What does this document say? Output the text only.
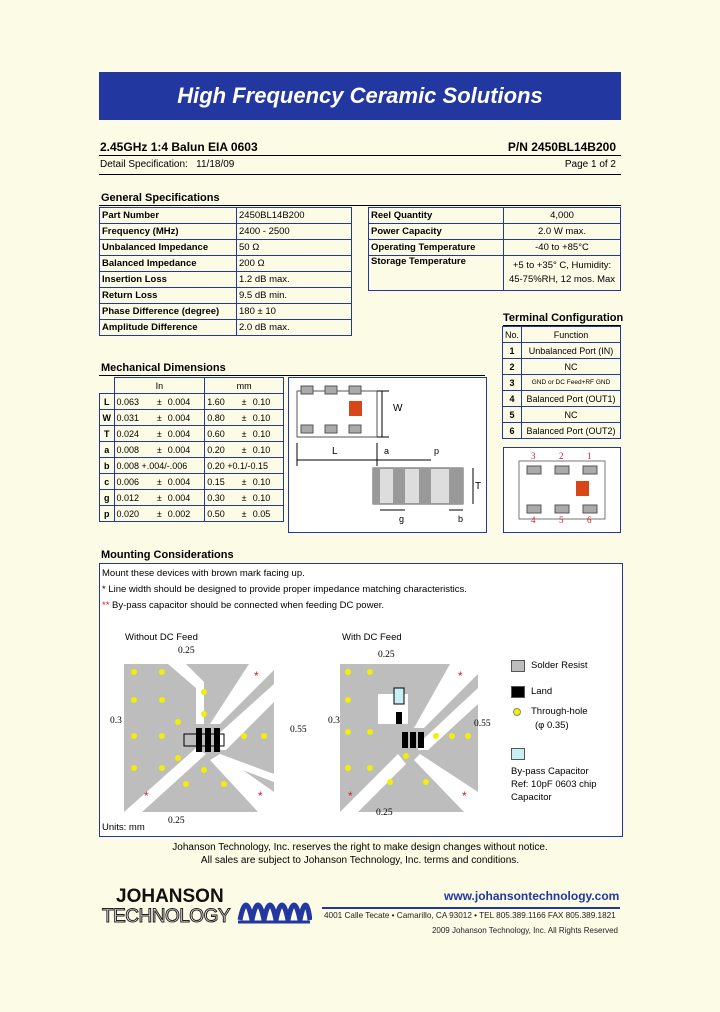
High Frequency Ceramic Solutions
2.45GHz 1:4 Balun EIA 0603	P/N 2450BL14B200
Detail Specification: 11/18/09	Page 1 of 2
General Specifications
Part Number	2450BL14B200
Frequency (MHz)	2400 - 2500
Unbalanced Impedance	50 Ω
Balanced Impedance	200 Ω
Insertion Loss	1.2 dB max.
Return Loss	9.5 dB min.
Phase Difference (degree)	180 ± 10
Amplitude Difference	2.0 dB max.
Reel Quantity	4,000
Power Capacity	2.0 W max.
Operating Temperature	-40 to +85°C
Storage Temperature	+5 to +35° C, Humidity:
45-75%RH, 12 mos. Max
Terminal Configuration
No.	Function
1	Unbalanced Port (IN)
2	NC
3	GND or DC Feed+RF GND
4	Balanced Port (OUT1)
5	NC
6	Balanced Port (OUT2)
3	2	1
4	5	6
Mechanical Dimensions
	In			mm		
L	0.063	±	0.004	1.60	±	0.10
W	0.031	±	0.004	0.80	±	0.10
T	0.024	±	0.004	0.60	±	0.10
a	0.008	±	0.004	0.20	±	0.10
b	0.008 +.004/-.006			0.20 +0.1/-0.15		
c	0.006	±	0.004	0.15	±	0.10
g	0.012	±	0.004	0.30	±	0.10
p	0.020	±	0.002	0.50	±	0.05
W
L	a	p
T
g	b
Mounting Considerations
Mount these devices with brown mark facing up.
* Line width should be designed to provide proper impedance matching characteristics.
** By-pass capacitor should be connected when feeding DC power.
Without DC Feed	With DC Feed
*
*	*
0.25
0.3
0.55
0.25
*
*	*
0.25
0.3	0.55
0.25
Solder Resist
Land
Through-hole
(φ 0.35)
By-pass Capacitor
Ref: 10pF 0603 chip
Capacitor
Units: mm
Johanson Technology, Inc. reserves the right to make design changes without notice.
All sales are subject to Johanson Technology, Inc. terms and conditions.
JOHANSON
TECHNOLOGY
www.johansontechnology.com
4001 Calle Tecate • Camarillo, CA 93012 • TEL 805.389.1166 FAX 805.389.1821
2009 Johanson Technology, Inc. All Rights Reserved
